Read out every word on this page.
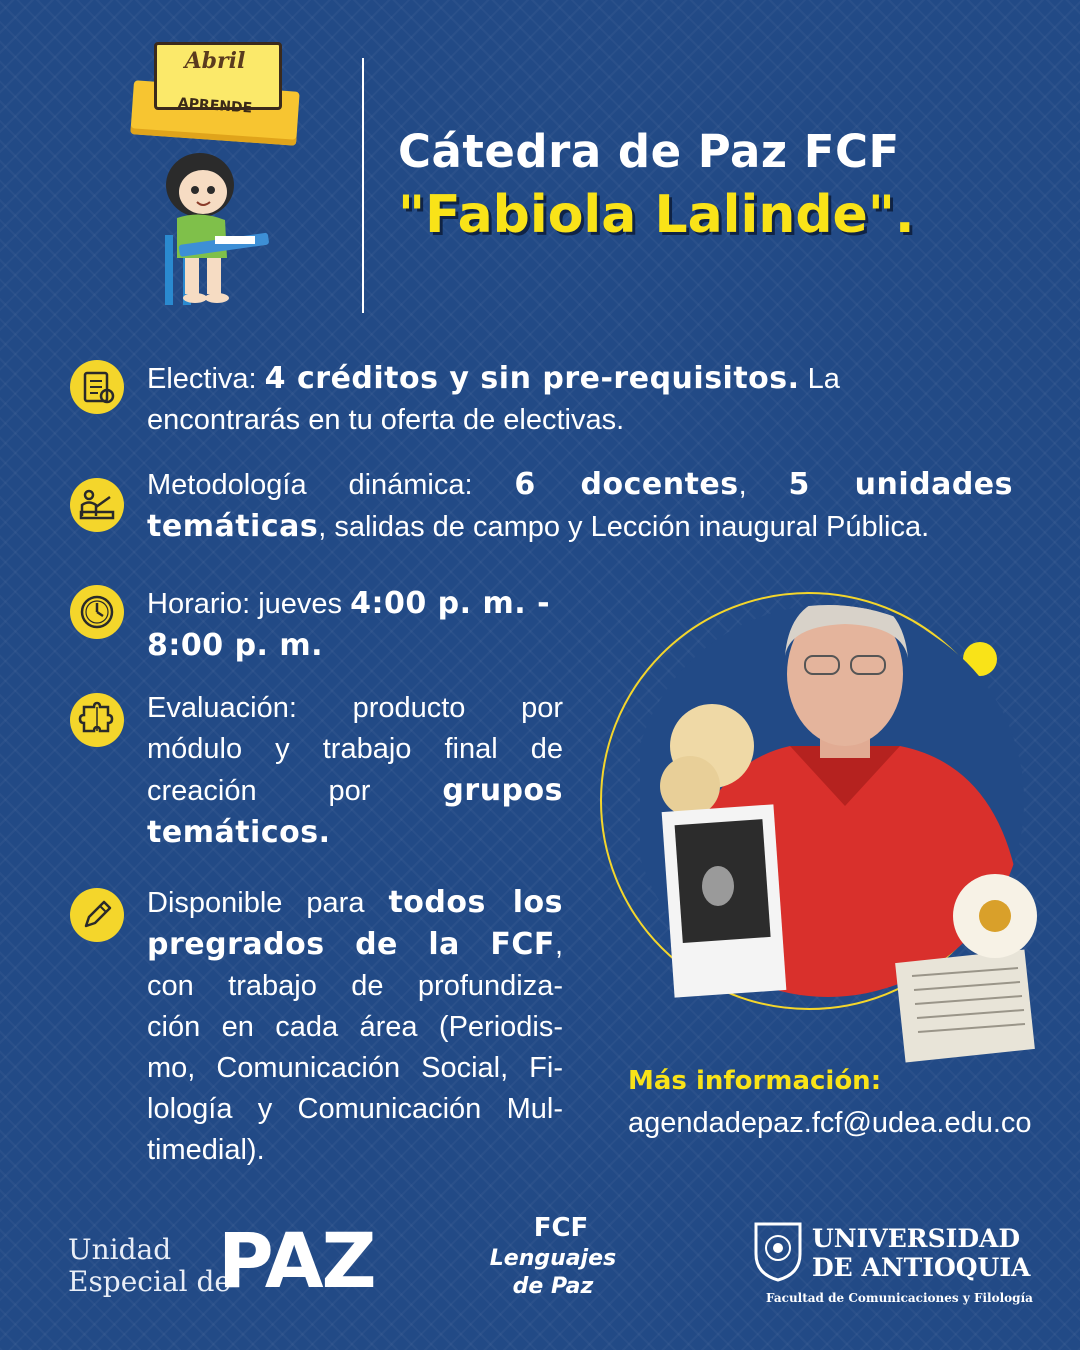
Abril
APRENDE
Cátedra de Paz FCF
"Fabiola Lalinde".
Electiva: 4 créditos y sin pre-requisitos. La encontrarás en tu oferta de electivas.
Metodología dinámica: 6 docentes, 5 unidades temáticas, salidas de campo y Lección inaugural Pública.
Horario: jueves 4:00 p. m. -
8:00 p. m.
Evaluación: producto por
módulo y trabajo final de
creación por grupos
temáticos.
Disponible para todos los
pregrados de la FCF,
con trabajo de profundiza-
ción en cada área (Periodis-
mo, Comunicación Social, Fi-
lología y Comunicación Mul-
timedial).
Más información:
agendadepaz.fcf@udea.edu.co
Unidad
Especial de
PAZ	FCF
Lenguajes
de Paz
UNIVERSIDAD
DE ANTIOQUIA
Facultad de Comunicaciones y Filología
